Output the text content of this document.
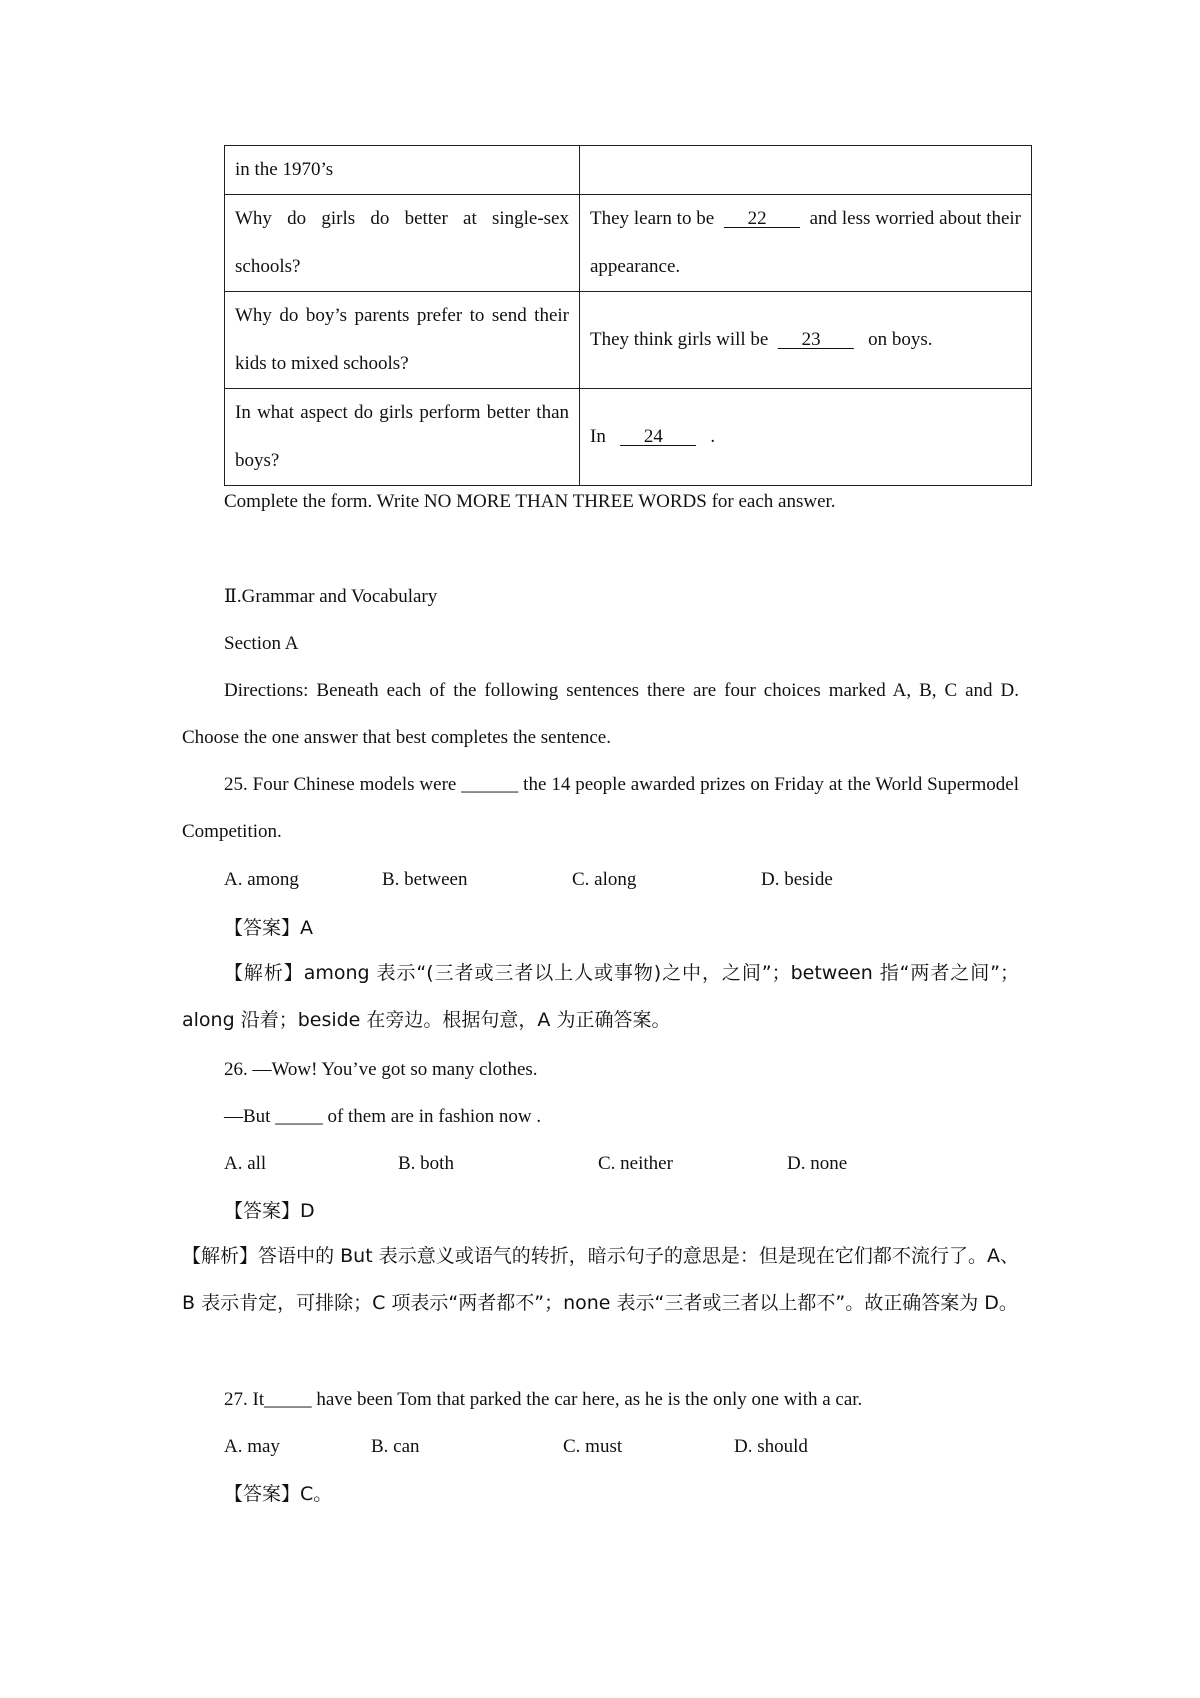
in the 1970’s	
Why do girls do better at single-sex schools?	They learn to be 22 and less worried about their appearance.
Why do boy’s parents prefer to send their kids to mixed schools?	They think girls will be 23 on boys.
In what aspect do girls perform better than boys?	In 24 .
Complete the form. Write NO MORE THAN THREE WORDS for each answer.
Ⅱ.Grammar and Vocabulary
Section A
Directions: Beneath each of the following sentences there are four choices marked A, B, C and D. Choose the one answer that best completes the sentence.
25. Four Chinese models were ______ the 14 people awarded prizes on Friday at the World Supermodel Competition.
A. among	B. between	C. along	D. beside
【答案】A
【解析】among 表示“(三者或三者以上人或事物)之中，之间”；between 指“两者之间”；along 沿着；beside 在旁边。根据句意，A 为正确答案。
26. —Wow! You’ve got so many clothes.
—But _____ of them are in fashion now .
A. all	B. both	C. neither	D. none
【答案】D
【解析】答语中的 But 表示意义或语气的转折，暗示句子的意思是：但是现在它们都不流行了。A、B 表示肯定，可排除；C 项表示“两者都不”；none 表示“三者或三者以上都不”。故正确答案为 D。
27. It_____ have been Tom that parked the car here, as he is the only one with a car.
A. may	B. can	C. must	D. should
【答案】C。
